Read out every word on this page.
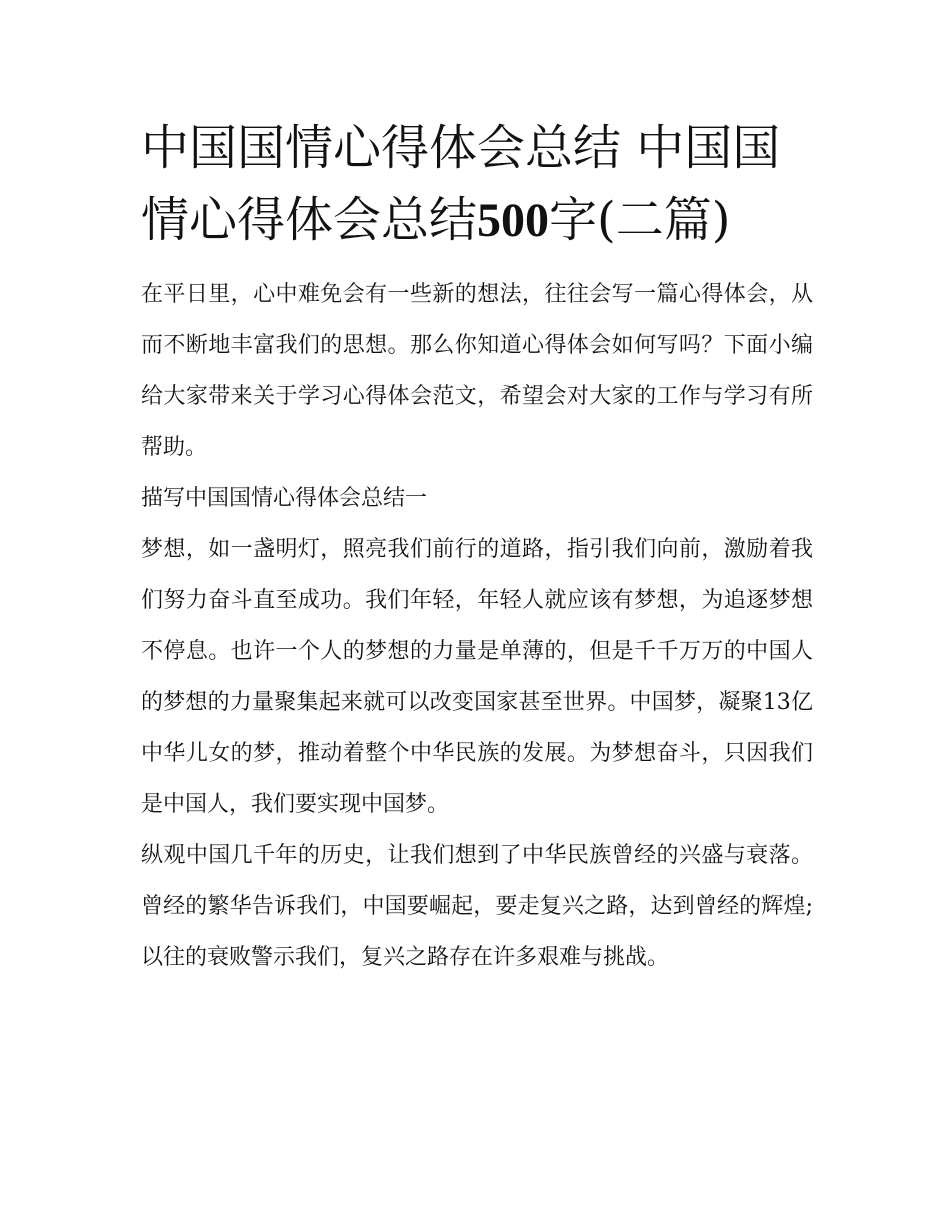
中国国情心得体会总结 中国国情心得体会总结500字(二篇)

在平日里，心中难免会有一些新的想法，往往会写一篇心得体会，从而不断地丰富我们的思想。那么你知道心得体会如何写吗？下面小编给大家带来关于学习心得体会范文，希望会对大家的工作与学习有所帮助。

描写中国国情心得体会总结一

梦想，如一盏明灯，照亮我们前行的道路，指引我们向前，激励着我们努力奋斗直至成功。我们年轻，年轻人就应该有梦想，为追逐梦想不停息。也许一个人的梦想的力量是单薄的，但是千千万万的中国人的梦想的力量聚集起来就可以改变国家甚至世界。中国梦，凝聚13亿中华儿女的梦，推动着整个中华民族的发展。为梦想奋斗，只因我们是中国人，我们要实现中国梦。

纵观中国几千年的历史，让我们想到了中华民族曾经的兴盛与衰落。曾经的繁华告诉我们，中国要崛起，要走复兴之路，达到曾经的辉煌;以往的衰败警示我们，复兴之路存在许多艰难与挑战。
